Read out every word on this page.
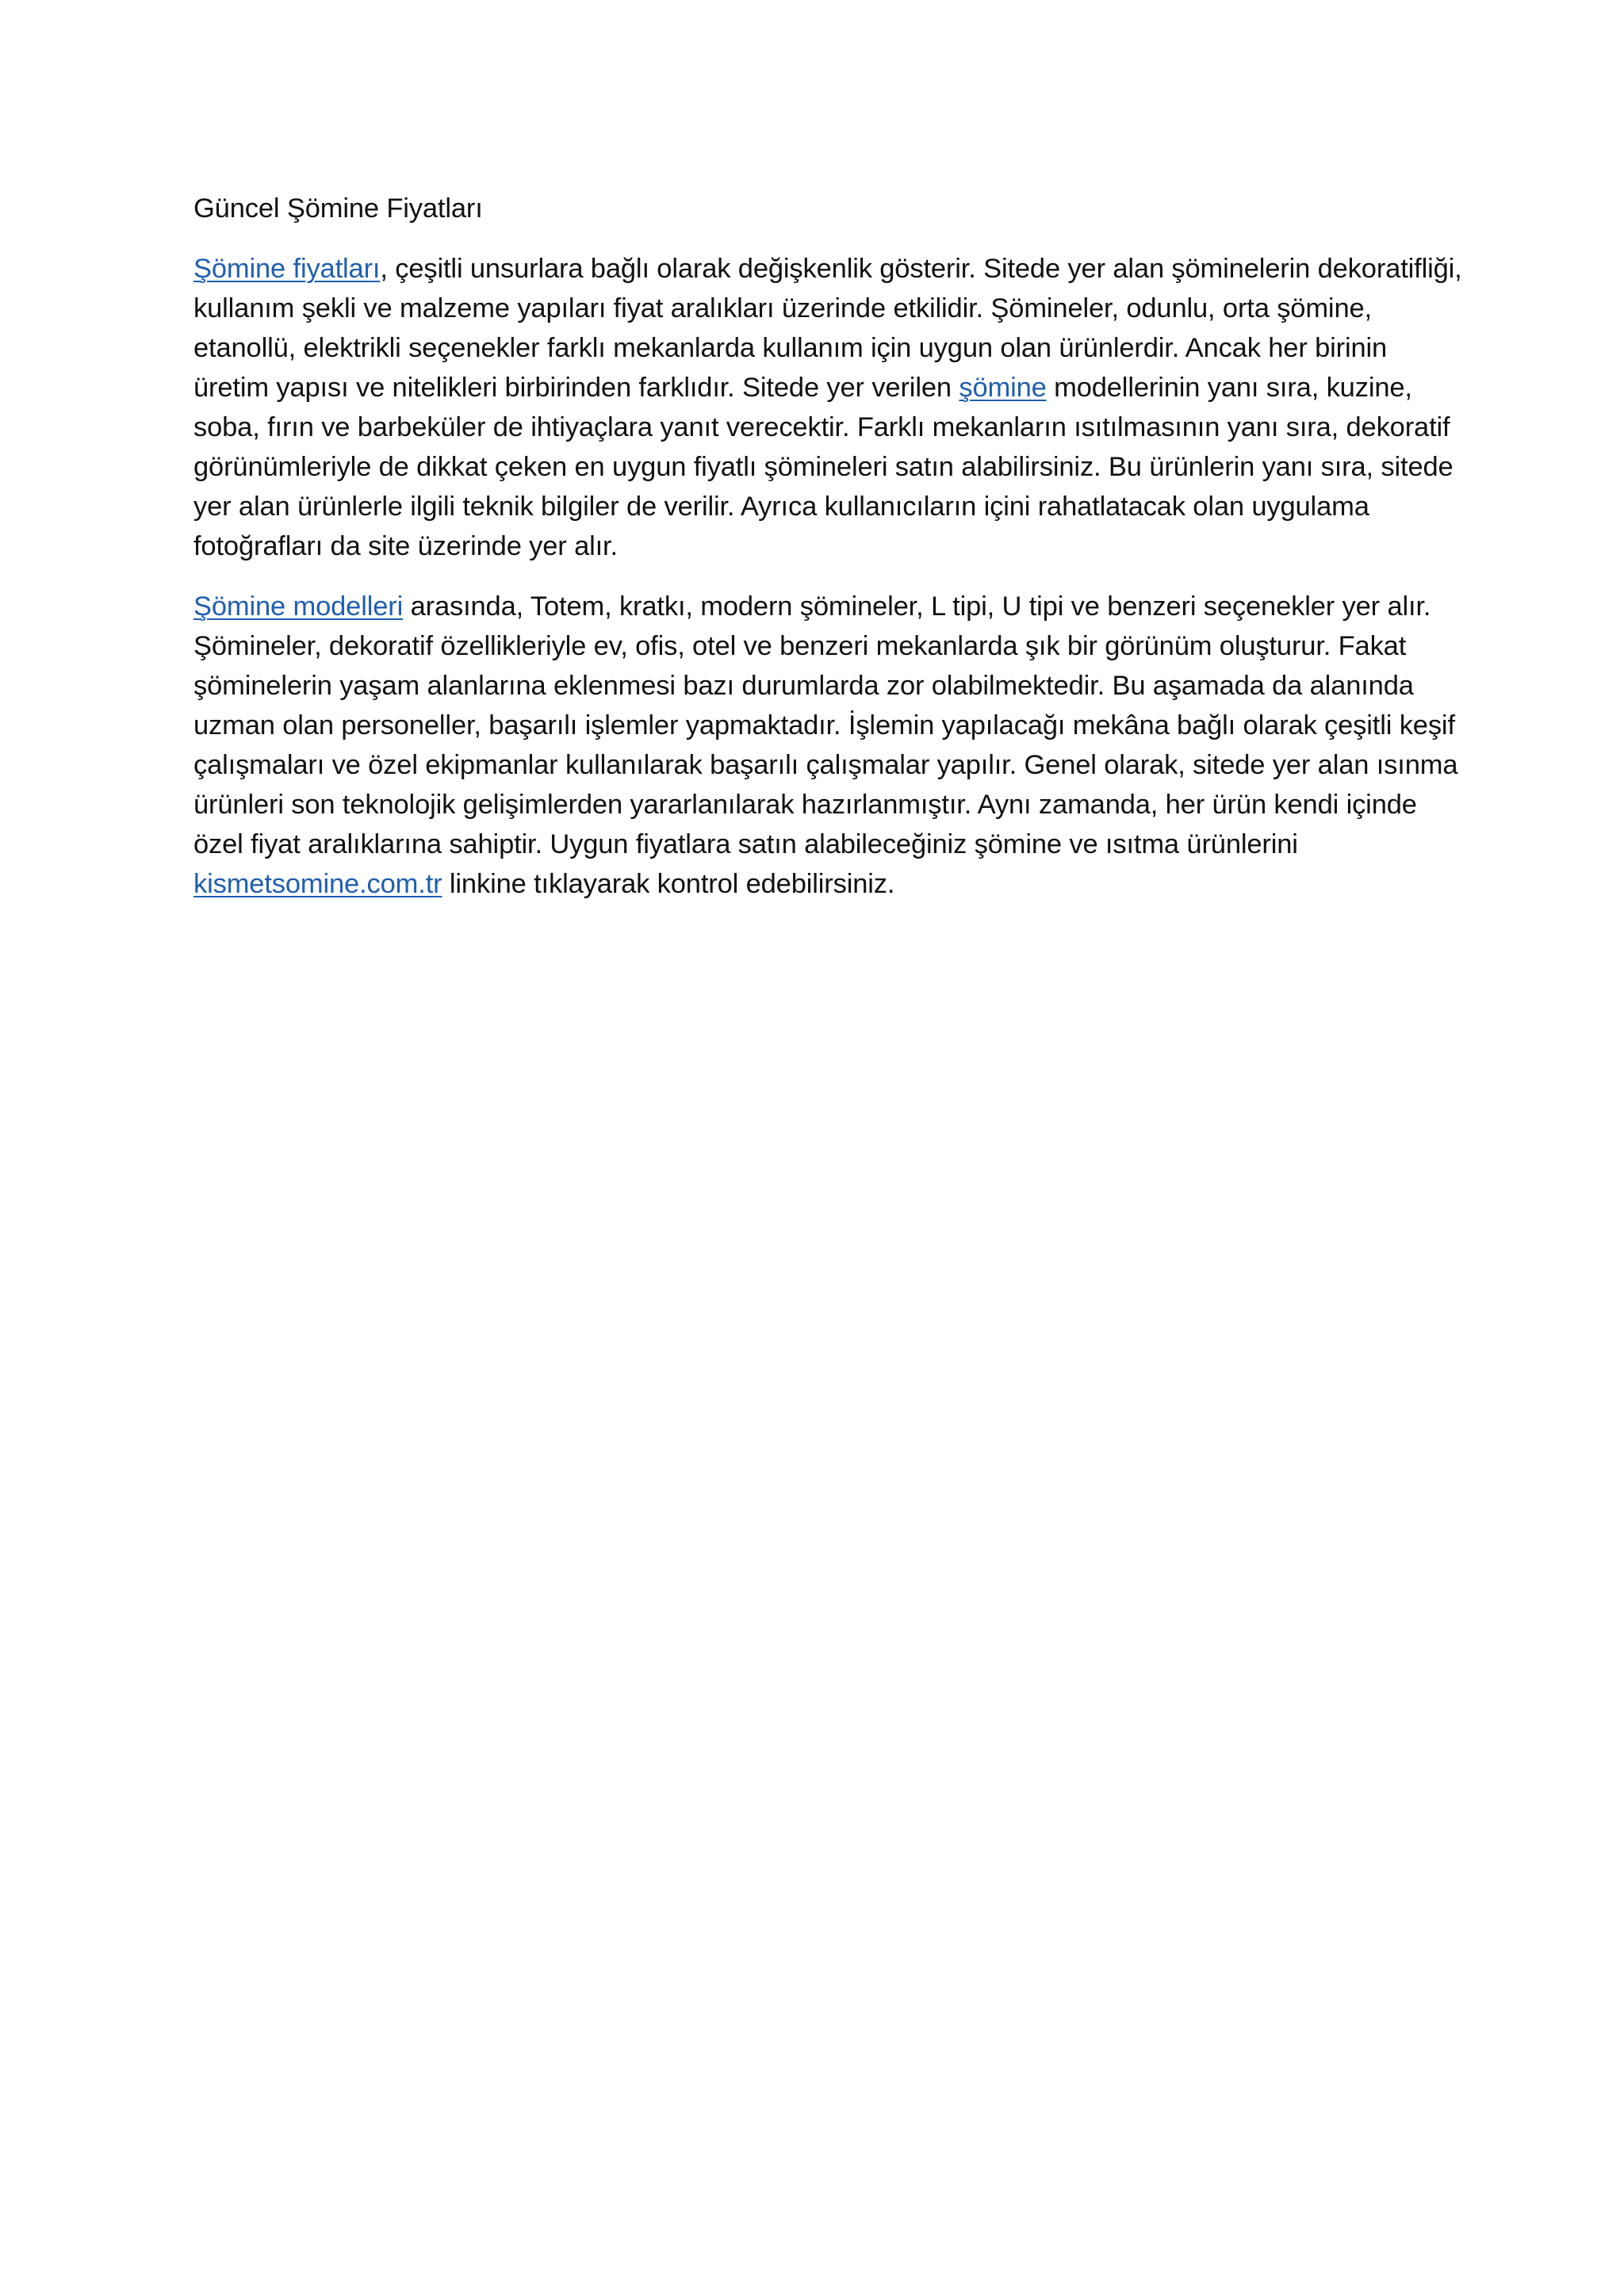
Güncel Şömine Fiyatları

Şömine fiyatları, çeşitli unsurlara bağlı olarak değişkenlik gösterir. Sitede yer alan şöminelerin dekoratifliği, kullanım şekli ve malzeme yapıları fiyat aralıkları üzerinde etkilidir. Şömineler, odunlu, orta şömine, etanollü, elektrikli seçenekler farklı mekanlarda kullanım için uygun olan ürünlerdir. Ancak her birinin üretim yapısı ve nitelikleri birbirinden farklıdır. Sitede yer verilen şömine modellerinin yanı sıra, kuzine, soba, fırın ve barbeküler de ihtiyaçlara yanıt verecektir. Farklı mekanların ısıtılmasının yanı sıra, dekoratif görünümleriyle de dikkat çeken en uygun fiyatlı şömineleri satın alabilirsiniz. Bu ürünlerin yanı sıra, sitede yer alan ürünlerle ilgili teknik bilgiler de verilir. Ayrıca kullanıcıların içini rahatlatacak olan uygulama fotoğrafları da site üzerinde yer alır.

Şömine modelleri arasında, Totem, kratkı, modern şömineler, L tipi, U tipi ve benzeri seçenekler yer alır. Şömineler, dekoratif özellikleriyle ev, ofis, otel ve benzeri mekanlarda şık bir görünüm oluşturur. Fakat şöminelerin yaşam alanlarına eklenmesi bazı durumlarda zor olabilmektedir. Bu aşamada da alanında uzman olan personeller, başarılı işlemler yapmaktadır. İşlemin yapılacağı mekâna bağlı olarak çeşitli keşif çalışmaları ve özel ekipmanlar kullanılarak başarılı çalışmalar yapılır. Genel olarak, sitede yer alan ısınma ürünleri son teknolojik gelişimlerden yararlanılarak hazırlanmıştır. Aynı zamanda, her ürün kendi içinde özel fiyat aralıklarına sahiptir. Uygun fiyatlara satın alabileceğiniz şömine ve ısıtma ürünlerini kismetsomine.com.tr linkine tıklayarak kontrol edebilirsiniz.
